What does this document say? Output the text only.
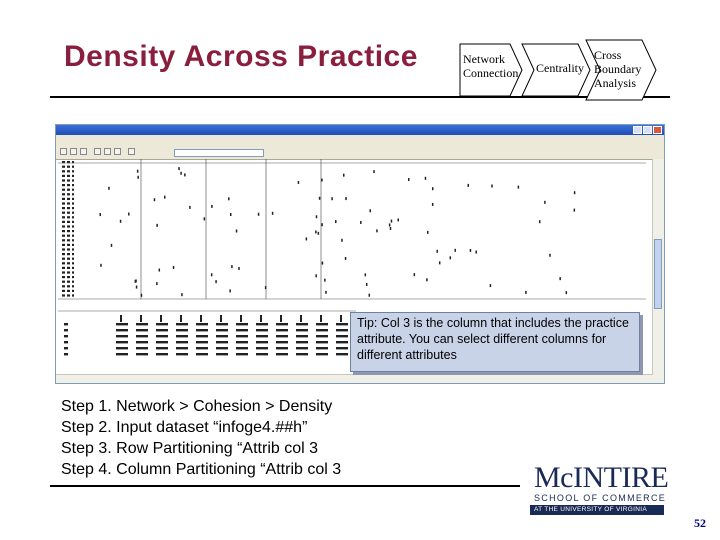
Density Across Practice	Network
Connection Centrality
Cross
Boundary
Analysis
Tip: Col 3 is the column that includes the practice attribute. You can select different columns for different attributes
Step 1. Network > Cohesion > Density
Step 2. Input dataset “infoge4.##h”
Step 3. Row Partitioning “Attrib col 3
Step 4. Column Partitioning “Attrib col 3	McINTIRE
SCHOOL OF COMMERCE
AT THE UNIVERSITY OF VIRGINIA
52
